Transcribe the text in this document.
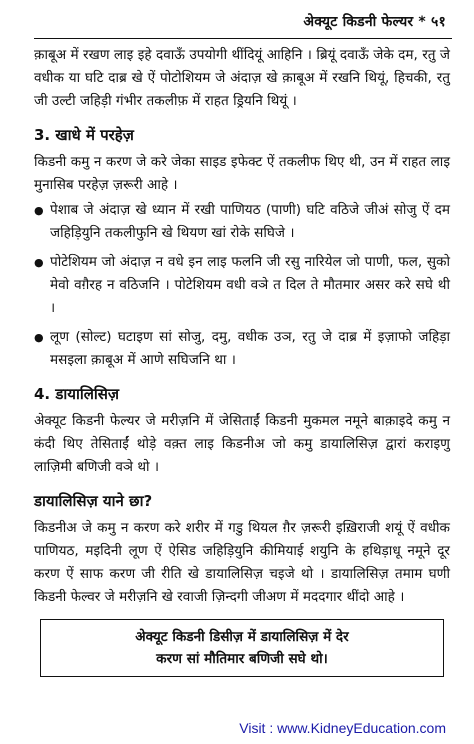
अेक्यूट किडनी फेल्यर * ५१

क़ाबूअ में रखण लाइ इहे दवाऊँ उपयोगी थींदियूं आहिनि । ब्रियूं दवाऊँ जेके दम, रतु जे वधीक या घटि दाब्र खे ऐं पोटोशियम जे अंदाज़ खे क़ाबूअ में रखनि थियूं, हिचकी, रतु जी उल्टी जहिड़ी गंभीर तकलीफ़ में राहत ड्रियनि थियूं ।

3. खाधे में परहेज़

किडनी कमु न करण जे करे जेका साइड इफेक्ट ऐं तकलीफ थिए थी, उन में राहत लाइ मुनासिब परहेज़ ज़रूरी आहे ।

● पेशाब जे अंदाज़ खे ध्यान में रखी पाणियठ (पाणी) घटि वठिजे जीअं सोजु ऐं दम जहिड़ियुनि तकलीफुनि खे थियण खां रोके सघिजे ।
● पोटेशियम जो अंदाज़ न वधे इन लाइ फलनि जी रसु नारियेल जो पाणी, फल, सुको मेवो वग़ैरह न वठिजनि । पोटेशियम वधी वञे त दिल ते मौतमार असर करे सघे थी ।
● लूण (सोल्ट) घटाइण सां सोजु, दमु, वधीक उञ, रतु जे दाब्र में इज़ाफो जहिड़ा मसइला क़ाबूअ में आणे सघिजनि था ।
4. डायालिसिज़

अेक्यूट किडनी फेल्यर जे मरीज़नि में जेसिताईं किडनी मुकमल नमूने बाक़ाइदे कमु न कंदी थिए तेसिताईं थोड़े वक़्त लाइ किडनीअ जो कमु डायालिसिज़ द्वारां कराइणु लाज़िमी बणिजी वञे थो ।

डायालिसिज़ याने छा?

किडनीअ जे कमु न करण करे शरीर में गडु थियल ग़ैर ज़रूरी इख़िराजी शयूं ऐं वधीक पाणियठ, मइदिनी लूण ऐं ऐसिड जहिड़ियुनि कीमियाई शयुनि के हथिड़ाधू नमूने दूर करण ऐं साफ करण जी रीति खे डायालिसिज़ चइजे थो । डायालिसिज़ तमाम घणी किडनी फेल्वर जे मरीज़नि खे रवाजी ज़िन्दगी जीअण में मददगार थींदो आहे ।

अेक्यूट किडनी डिसीज़ में डायालिसिज़ में देर
करण सां मौतिमार बणिजी सघे थो।
Visit : www.KidneyEducation.com
